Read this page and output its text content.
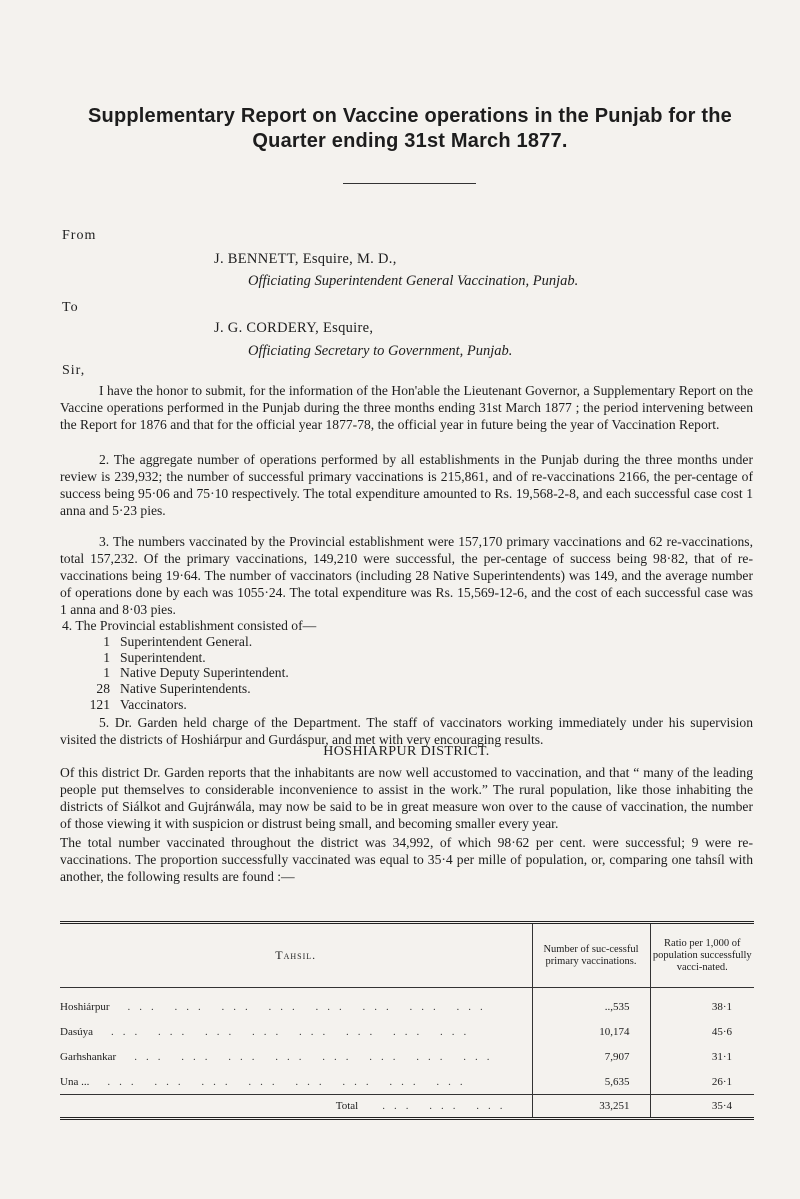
Supplementary Report on Vaccine operations in the Punjab for the
Quarter ending 31st March 1877.
From
J. BENNETT, Esquire, M. D.,
Officiating Superintendent General Vaccination, Punjab.
To
J. G. CORDERY, Esquire,
Officiating Secretary to Government, Punjab.
Sir,

I have the honor to submit, for the information of the Hon'able the Lieutenant Governor, a Supplementary Report on the Vaccine operations performed in the Punjab during the three months ending 31st March 1877 ; the period intervening between the Report for 1876 and that for the official year 1877-78, the official year in future being the year of Vaccination Report.

2. The aggregate number of operations performed by all establishments in the Punjab during the three months under review is 239,932; the number of successful primary vaccinations is 215,861, and of re-vaccinations 2166, the per-centage of success being 95·06 and 75·10 respectively. The total expenditure amounted to Rs. 19,568-2-8, and each successful case cost 1 anna and 5·23 pies.

3. The numbers vaccinated by the Provincial establishment were 157,170 primary vaccinations and 62 re-vaccinations, total 157,232. Of the primary vaccinations, 149,210 were successful, the per-centage of success being 98·82, that of re-vaccinations being 19·64. The number of vaccinators (including 28 Native Superintendents) was 149, and the average number of operations done by each was 1055·24. The total expenditure was Rs. 15,569-12-6, and the cost of each successful case was 1 anna and 8·03 pies.

4. The Provincial establishment consisted of—
1 Superintendent General.
1 Superintendent.
1 Native Deputy Superintendent.
28 Native Superintendents.
121 Vaccinators.

5. Dr. Garden held charge of the Department. The staff of vaccinators working immediately under his supervision visited the districts of Hoshiárpur and Gurdáspur, and met with very encouraging results.

HOSHIARPUR DISTRICT.

Of this district Dr. Garden reports that the inhabitants are now well accustomed to vaccination, and that “ many of the leading people put themselves to considerable inconvenience to assist in the work.” The rural population, like those inhabiting the districts of Siálkot and Gujránwála, may now be said to be in great measure won over to the cause of vaccination, the number of those viewing it with suspicion or distrust being small, and becoming smaller every year.

The total number vaccinated throughout the district was 34,992, of which 98·62 per cent. were successful; 9 were re-vaccinations. The proportion successfully vaccinated was equal to 35·4 per mille of population, or, comparing one tahsíl with another, the following results are found :—

Tahsil.	Number of suc-cessful primary vaccinations.	Ratio per 1,000 of population successfully vacci-nated.
Hoshiárpur ... ... ... ... ... ... ... ...	..,535	38·1
Dasúya ... ... ... ... ... ... ... ...	10,174	45·6
Garhshankar ... ... ... ... ... ... ... ...	7,907	31·1
Una ... ... ... ... ... ... ... ... ...	5,635	26·1
Total ... ... ...	33,251	35·4
